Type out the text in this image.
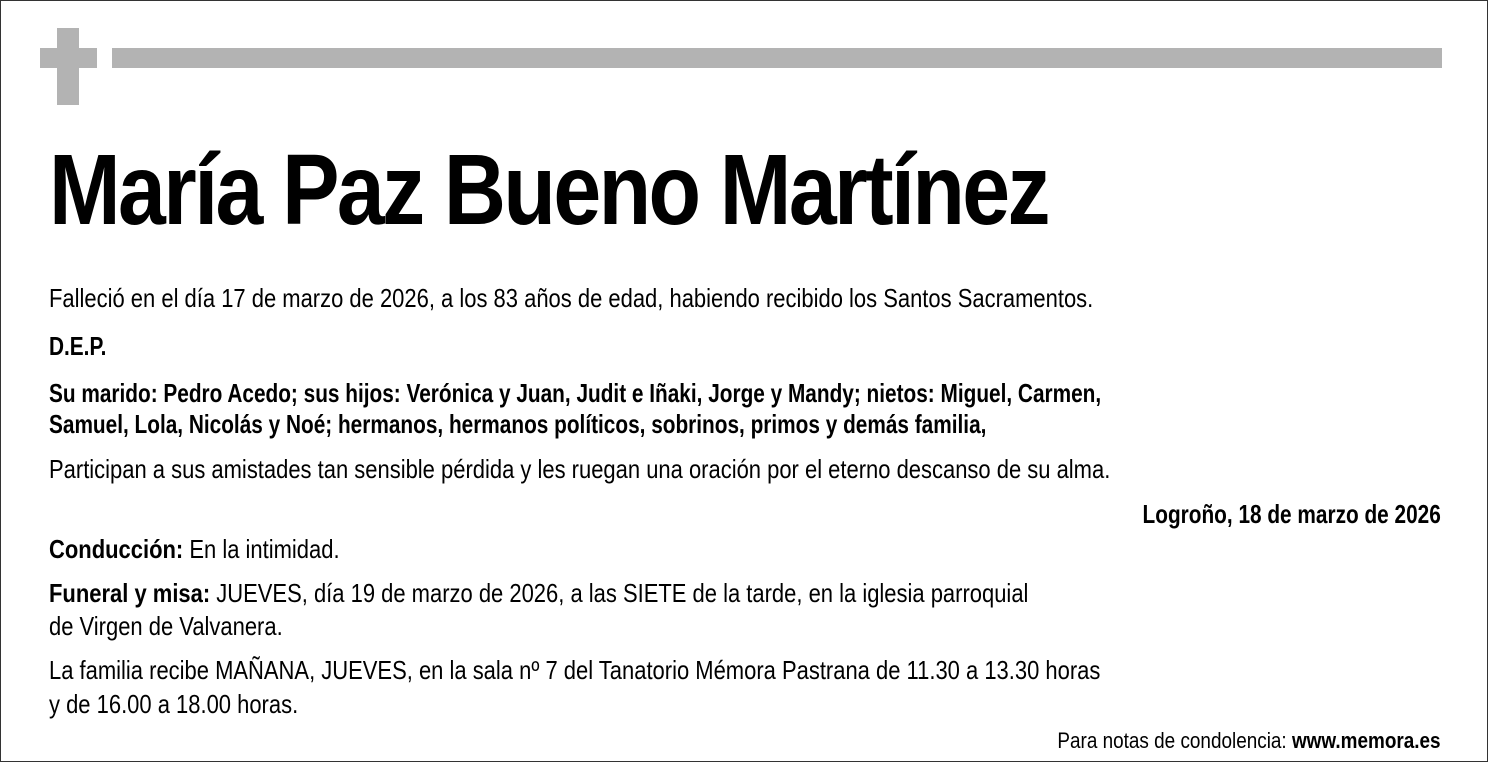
María Paz Bueno Martínez
Falleció en el día 17 de marzo de 2026, a los 83 años de edad, habiendo recibido los Santos Sacramentos.
D.E.P.
Su marido: Pedro Acedo; sus hijos: Verónica y Juan, Judit e Iñaki, Jorge y Mandy; nietos: Miguel, Carmen,
Samuel, Lola, Nicolás y Noé; hermanos, hermanos políticos, sobrinos, primos y demás familia,
Participan a sus amistades tan sensible pérdida y les ruegan una oración por el eterno descanso de su alma.
Logroño, 18 de marzo de 2026
Conducción: En la intimidad.
Funeral y misa: JUEVES, día 19 de marzo de 2026, a las SIETE de la tarde, en la iglesia parroquial
de Virgen de Valvanera.
La familia recibe MAÑANA, JUEVES, en la sala nº 7 del Tanatorio Mémora Pastrana de 11.30 a 13.30 horas
y de 16.00 a 18.00 horas.
Para notas de condolencia: www.memora.es
